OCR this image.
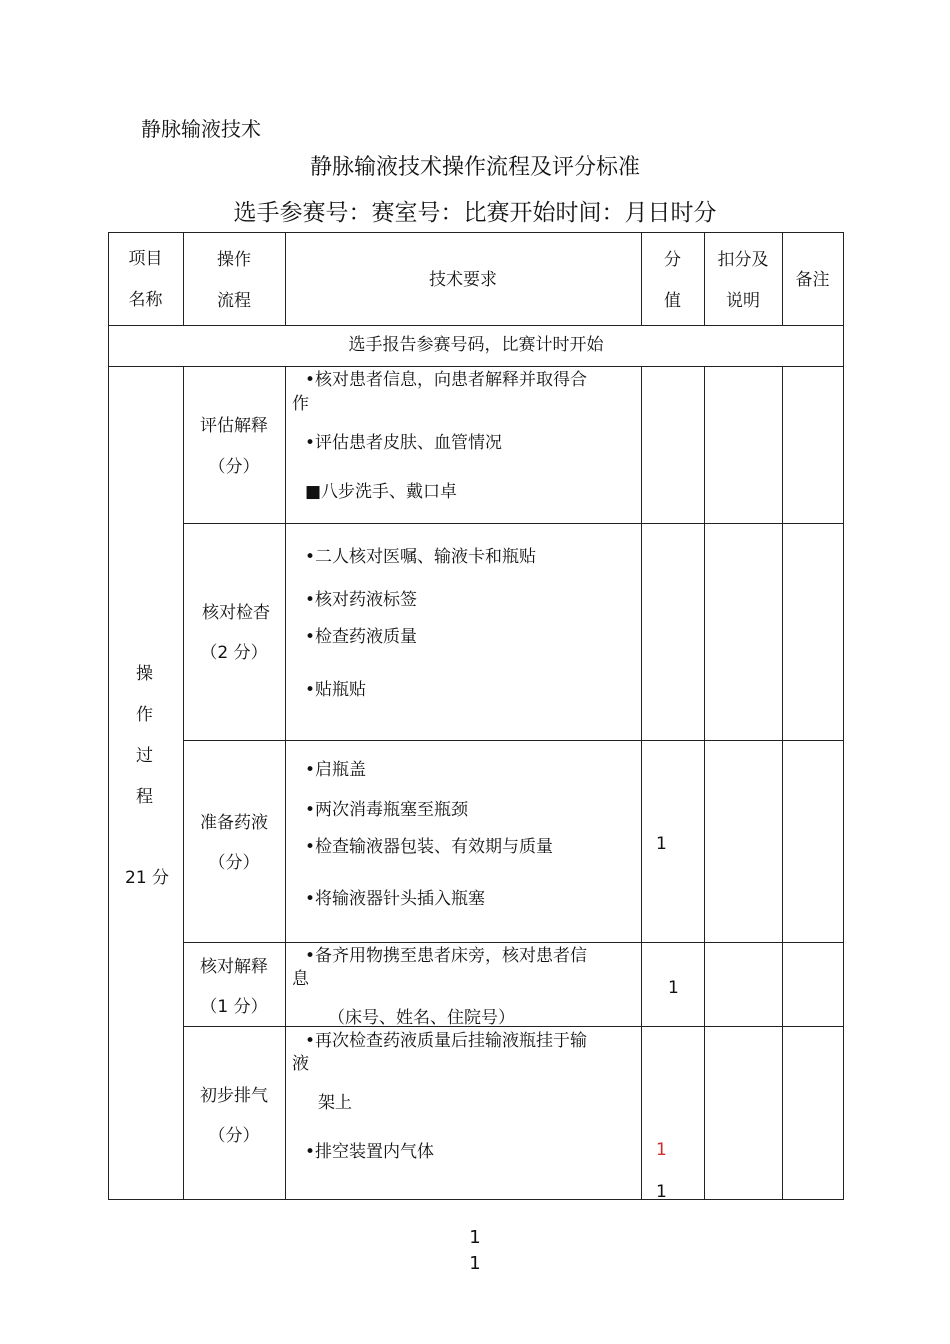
静脉输液技术
静脉输液技术操作流程及评分标准
选手参赛号：赛室号：比赛开始时间：月日时分
项目
名称
操作
流程
技术要求
分
值
扣分及
说明
备注
选手报告参赛号码，比赛计时开始
操
作
过
程
21 分
评估解释
（分）
•核对患者信息，向患者解释并取得合
作
•评估患者皮肤、血管情况
■八步洗手、戴口卓
核对检杳
（2 分）
•二人核对医嘱、输液卡和瓶贴
•核对药液标签
•检查药液质量
•贴瓶贴
准备药液
（分）
•启瓶盖
•两次消毒瓶塞至瓶颈
•检查输液器包装、有效期与质量
•将输液器针头插入瓶塞
1
核对解释
（1 分）
•备齐用物携至患者床旁，核对患者信
息
（床号、姓名、住院号）
1
初步排气
（分）
•再次检查药液质量后挂输液瓶挂于输
液
架上
•排空装置内气体	1
1
1
1
